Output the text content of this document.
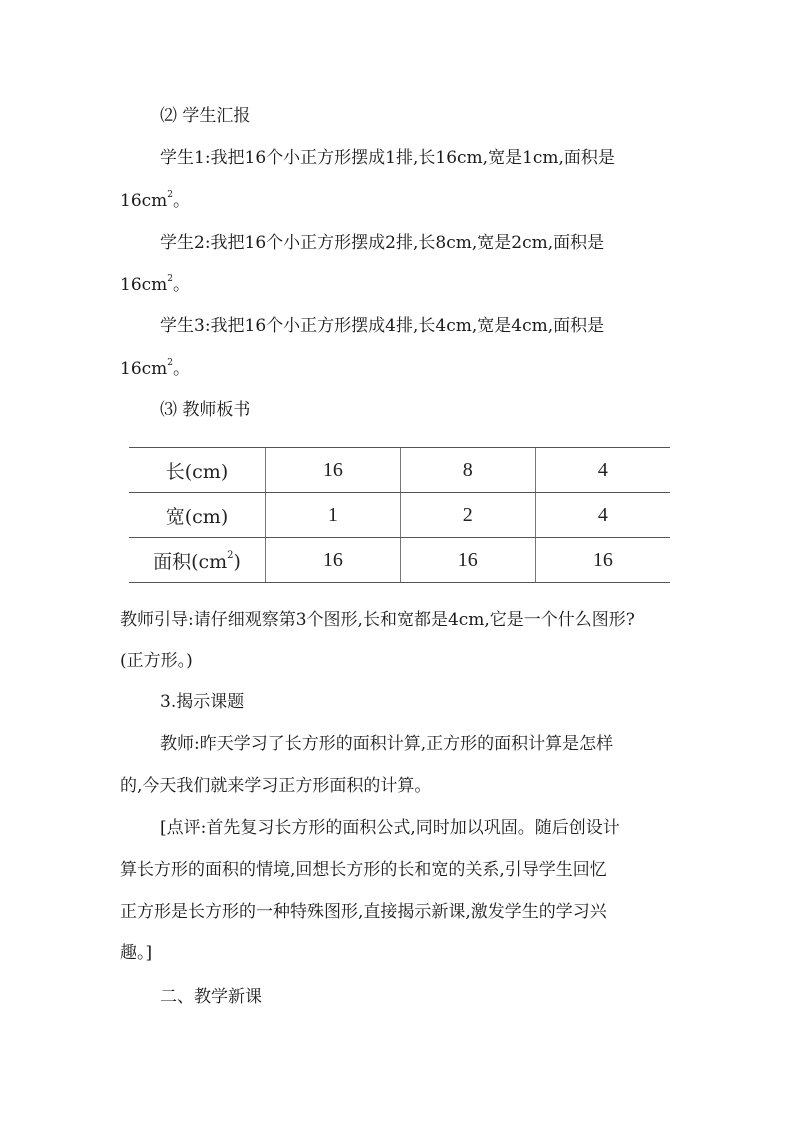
⑵ 学生汇报
学生1:我把16个小正方形摆成1排,长16cm,宽是1cm,面积是
$16cm^2$。
学生2:我把16个小正方形摆成2排,长8cm,宽是2cm,面积是
$16cm^2$。
学生3:我把16个小正方形摆成4排,长4cm,宽是4cm,面积是
$16cm^2$。
⑶ 教师板书
长(cm)	16	8	4
宽(cm)	1	2	4
面积$(cm^2)$	16	16	16
教师引导:请仔细观察第3个图形,长和宽都是4cm,它是一个什么图形?
(正方形。)
3.揭示课题
教师:昨天学习了长方形的面积计算,正方形的面积计算是怎样
的,今天我们就来学习正方形面积的计算。
[点评:首先复习长方形的面积公式,同时加以巩固。随后创设计
算长方形的面积的情境,回想长方形的长和宽的关系,引导学生回忆
正方形是长方形的一种特殊图形,直接揭示新课,激发学生的学习兴
趣。]
二、教学新课
